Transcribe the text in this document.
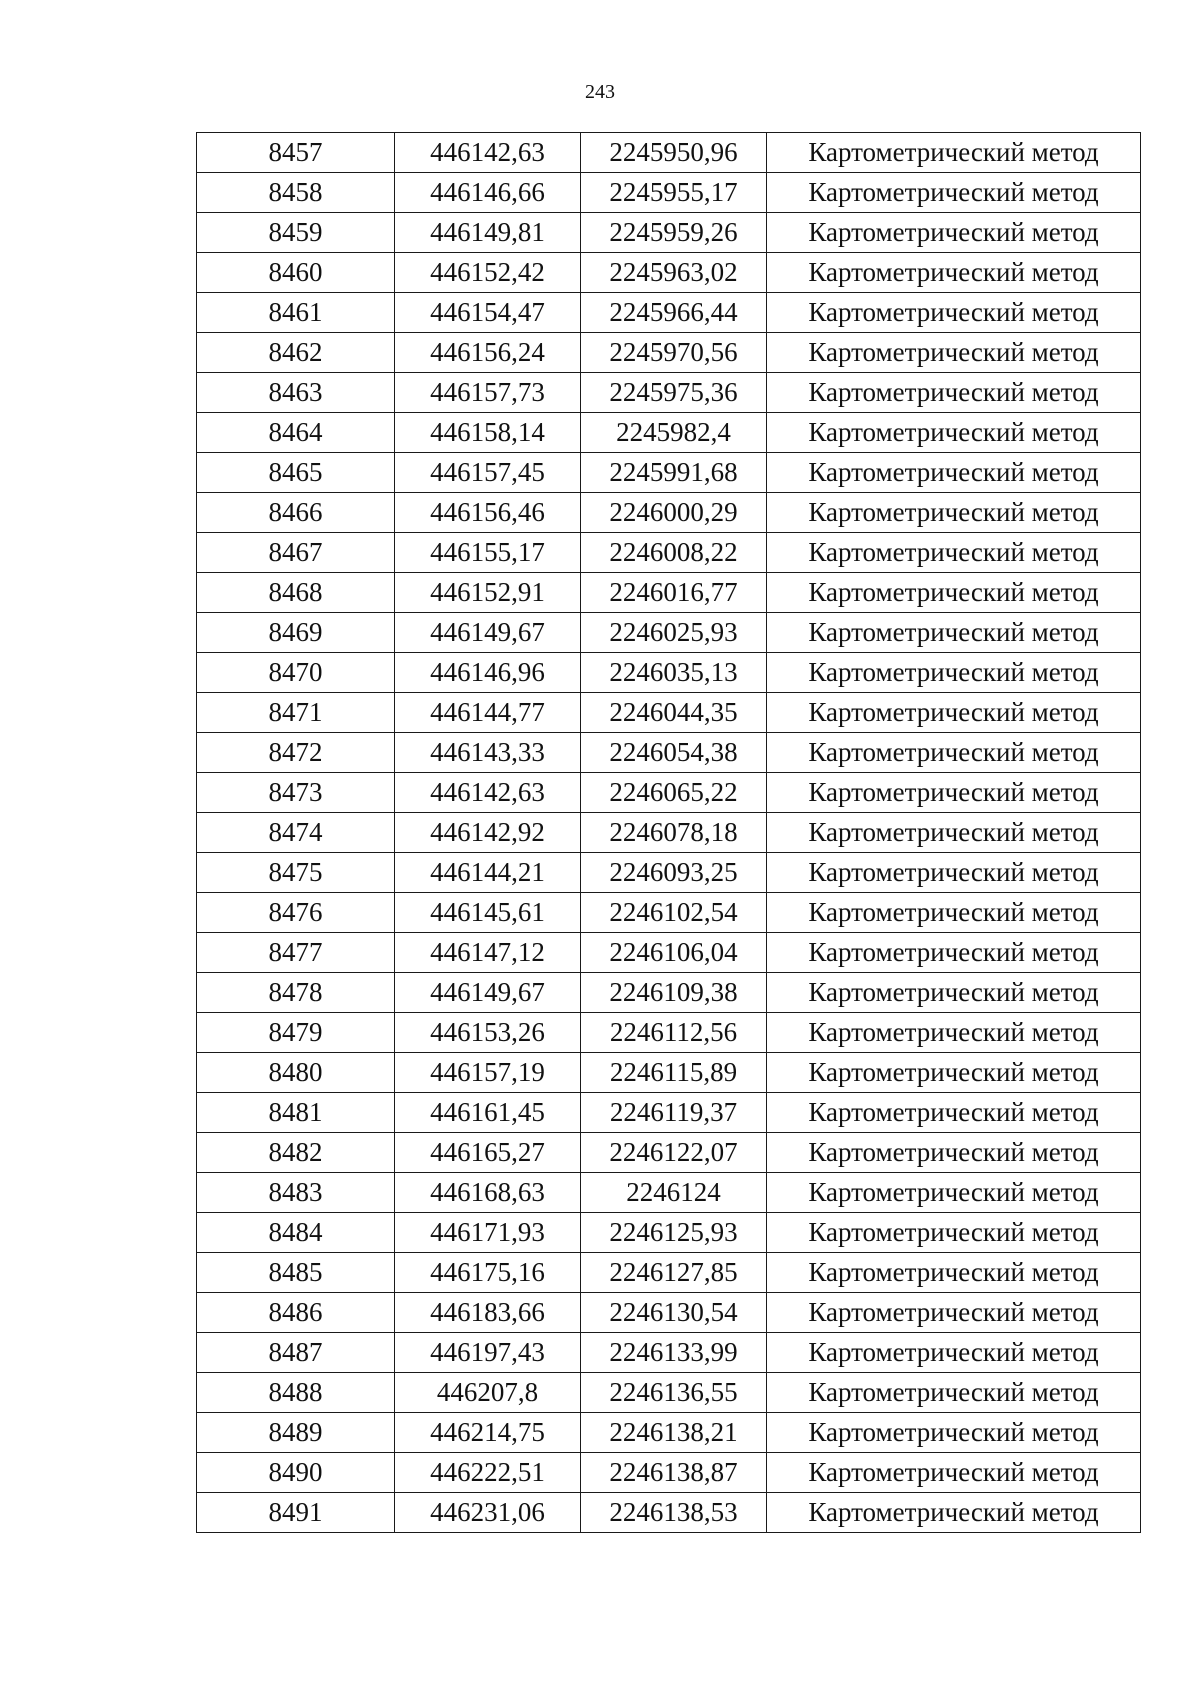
243
8457	446142,63	2245950,96	Картометрический метод
8458	446146,66	2245955,17	Картометрический метод
8459	446149,81	2245959,26	Картометрический метод
8460	446152,42	2245963,02	Картометрический метод
8461	446154,47	2245966,44	Картометрический метод
8462	446156,24	2245970,56	Картометрический метод
8463	446157,73	2245975,36	Картометрический метод
8464	446158,14	2245982,4	Картометрический метод
8465	446157,45	2245991,68	Картометрический метод
8466	446156,46	2246000,29	Картометрический метод
8467	446155,17	2246008,22	Картометрический метод
8468	446152,91	2246016,77	Картометрический метод
8469	446149,67	2246025,93	Картометрический метод
8470	446146,96	2246035,13	Картометрический метод
8471	446144,77	2246044,35	Картометрический метод
8472	446143,33	2246054,38	Картометрический метод
8473	446142,63	2246065,22	Картометрический метод
8474	446142,92	2246078,18	Картометрический метод
8475	446144,21	2246093,25	Картометрический метод
8476	446145,61	2246102,54	Картометрический метод
8477	446147,12	2246106,04	Картометрический метод
8478	446149,67	2246109,38	Картометрический метод
8479	446153,26	2246112,56	Картометрический метод
8480	446157,19	2246115,89	Картометрический метод
8481	446161,45	2246119,37	Картометрический метод
8482	446165,27	2246122,07	Картометрический метод
8483	446168,63	2246124	Картометрический метод
8484	446171,93	2246125,93	Картометрический метод
8485	446175,16	2246127,85	Картометрический метод
8486	446183,66	2246130,54	Картометрический метод
8487	446197,43	2246133,99	Картометрический метод
8488	446207,8	2246136,55	Картометрический метод
8489	446214,75	2246138,21	Картометрический метод
8490	446222,51	2246138,87	Картометрический метод
8491	446231,06	2246138,53	Картометрический метод
